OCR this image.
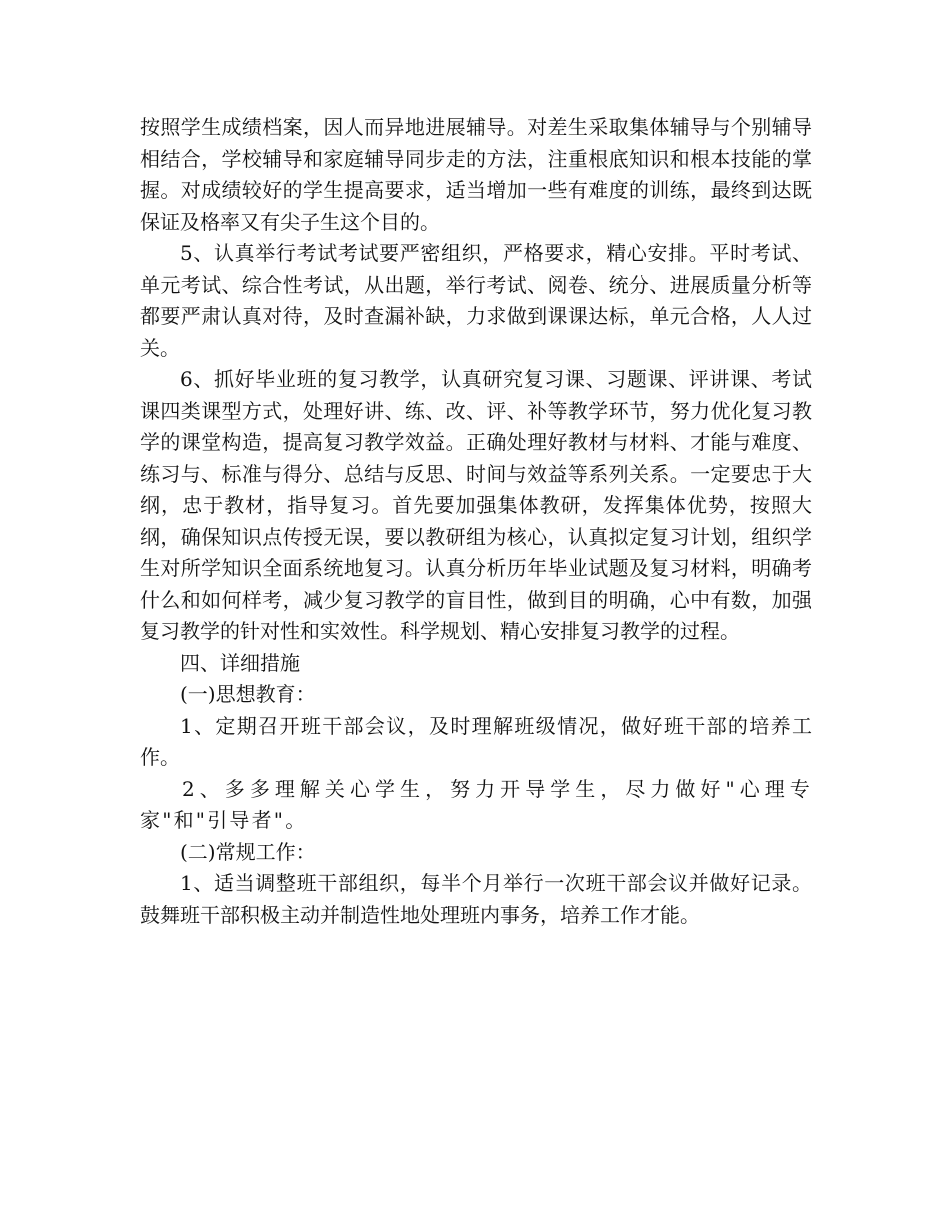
按照学生成绩档案，因人而异地进展辅导。对差生采取集体辅导与个别辅导相结合，学校辅导和家庭辅导同步走的方法，注重根底知识和根本技能的掌握。对成绩较好的学生提高要求，适当增加一些有难度的训练，最终到达既保证及格率又有尖子生这个目的。

5、认真举行考试考试要严密组织，严格要求，精心安排。平时考试、单元考试、综合性考试，从出题，举行考试、阅卷、统分、进展质量分析等都要严肃认真对待，及时查漏补缺，力求做到课课达标，单元合格，人人过关。

6、抓好毕业班的复习教学，认真研究复习课、习题课、评讲课、考试课四类课型方式，处理好讲、练、改、评、补等教学环节，努力优化复习教学的课堂构造，提高复习教学效益。正确处理好教材与材料、才能与难度、练习与、标准与得分、总结与反思、时间与效益等系列关系。一定要忠于大纲，忠于教材，指导复习。首先要加强集体教研，发挥集体优势，按照大纲，确保知识点传授无误，要以教研组为核心，认真拟定复习计划，组织学生对所学知识全面系统地复习。认真分析历年毕业试题及复习材料，明确考什么和如何样考，减少复习教学的盲目性，做到目的明确，心中有数，加强复习教学的针对性和实效性。科学规划、精心安排复习教学的过程。

四、详细措施

(一)思想教育：

1、定期召开班干部会议，及时理解班级情况，做好班干部的培养工作。

2、多多理解关心学生，努力开导学生，尽力做好"心理专家"和"引导者"。

(二)常规工作：

1、适当调整班干部组织，每半个月举行一次班干部会议并做好记录。鼓舞班干部积极主动并制造性地处理班内事务，培养工作才能。
